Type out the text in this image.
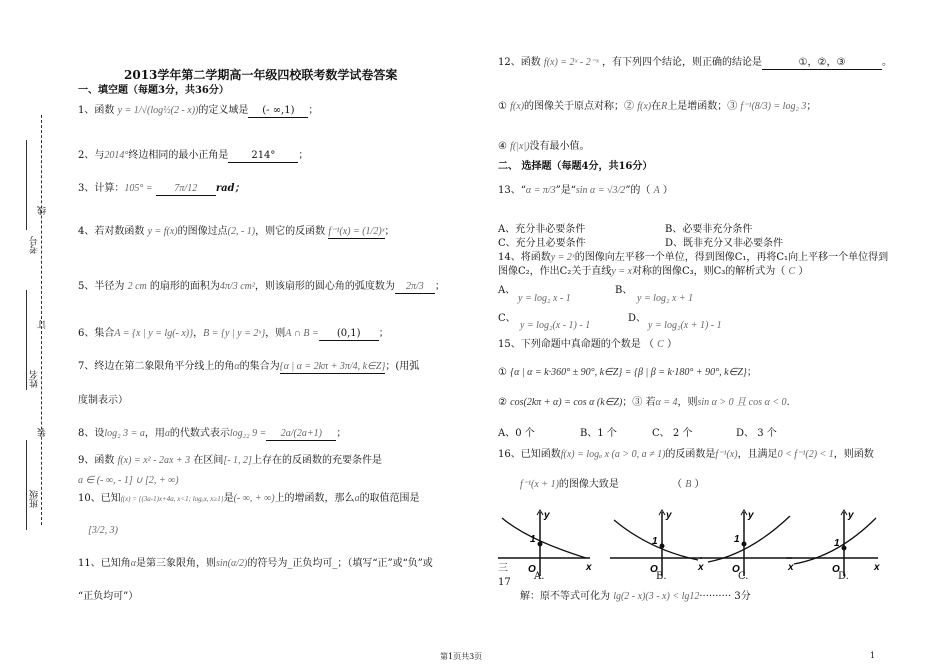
考号
线
订
姓名
装
班级
2013学年第二学期高一年级四校联考数学试卷答案
一、填空题（每题3分，共36分）
1、函数 y = 1/√(log½(2 - x))的定义域是 (- ∞,1) ；
2、与2014°终边相同的最小正角是 214° ；
3、计算：105° = 7π/12 rad；
4、若对数函数 y = f(x)的图像过点(2, - 1)，则它的反函数 f⁻¹(x) = (1/2)ˣ；
5、半径为 2 cm 的扇形的面积为4π/3 cm²，则该扇形的圆心角的弧度数为 2π/3 ；
6、集合A = {x | y = lg(- x)}，B = {y | y = 2ˣ}，则A ∩ B = (0,1) ；
7、终边在第二象限角平分线上的角α的集合为{α | α = 2kπ + 3π/4, k∈Z}；(用弧
度制表示）
8、设log₂ 3 = a，用a的代数式表示log₂₂ 9 = 2a/(2a+1) ；
9、函数 f(x) = x² - 2ax + 3 在区间[- 1, 2]上存在的反函数的充要条件是
a ∈ (- ∞, - 1] ∪ [2, + ∞)
10、已知f(x) = {(3a-1)x+4a, x<1; logₐx, x≥1}是(- ∞, + ∞)上的增函数，那么a的取值范围是
[3/2, 3)
11、已知角α是第三象限角，则sin(α/2)的符号为_正负均可_；（填写“正”或“负”或
“正负均可”）
12、函数 f(x) = 2ˣ - 2⁻ˣ ，有下列四个结论，则正确的结论是	①，②，③	。
① f(x)的图像关于原点对称；② f(x)在R上是增函数；③ f⁻¹(8/3) = log₂ 3；
④ f(|x|)没有最小值。
二、 选择题（每题4分，共16分）
13、“α = π/3”是“sin α = √3/2”的（ A ）
A、充分非必要条件	B、必要非充分条件
C、充分且必要条件	D、既非充分又非必要条件
14、将函数y = 2ˣ的图像向左平移一个单位，得到图像C₁，再将C₁向上平移一个单位得到
图像C₂，作出C₂关于直线y = x对称的图像C₃，则C₃的解析式为（ C ）
A、
y = log₂ x - 1
B、
y = log₂ x + 1
C、
y = log₂(x - 1) - 1
D、
y = log₂(x + 1) - 1
15、下列命题中真命题的个数是 （ C ）
① {α | α = k·360° ± 90°, k∈Z} = {β | β = k·180° + 90°, k∈Z}；
② cos(2kπ + α) = cos α (k∈Z)；③ 若α = 4，则sin α > 0 且 cos α < 0.
A、0 个	B、1 个	C、 2 个	D、 3 个
16、已知函数f(x) = logₐ x (a > 0, a ≠ 1)的反函数是f⁻¹(x)，且满足0 < f⁻¹(2) < 1，则函数
f⁻¹(x + 1)的图像大致是	（ B ）
y
x
O
1
A.
y
x
O
1
B.
y
x
O
1
C.
y
x
O
1
D.
三
17
解：原不等式可化为 lg(2 - x)(3 - x) < lg12·········· 3分
第1页共3页	1
